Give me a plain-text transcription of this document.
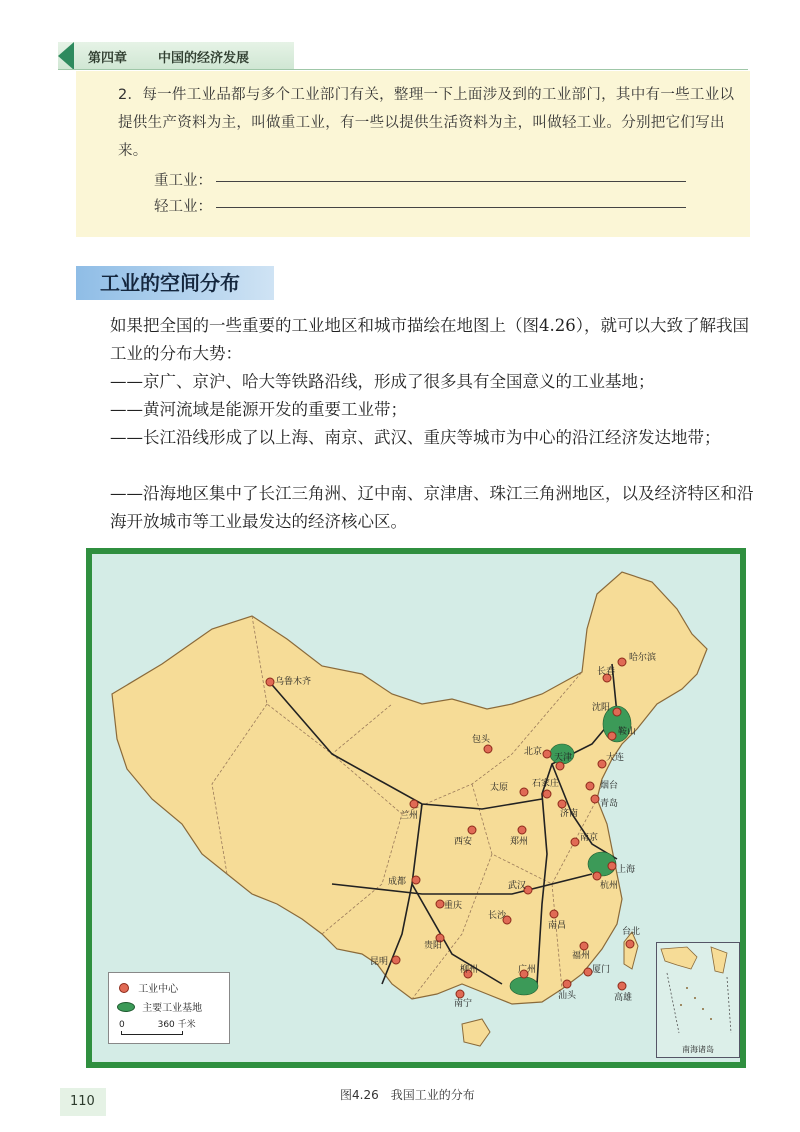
第四章 中国的经济发展
2．每一件工业品都与多个工业部门有关，整理一下上面涉及到的工业部门，其中有一些工业以提供生产资料为主，叫做重工业，有一些以提供生活资料为主，叫做轻工业。分别把它们写出来。
重工业：
轻工业：
工业的空间分布
如果把全国的一些重要的工业地区和城市描绘在地图上（图4.26），就可以大致了解我国工业的分布大势：
——京广、京沪、哈大等铁路沿线，形成了很多具有全国意义的工业基地；
——黄河流域是能源开发的重要工业带；
——长江沿线形成了以上海、南京、武汉、重庆等城市为中心的沿江经济发达地带；
——沿海地区集中了长江三角洲、辽中南、京津唐、珠江三角洲地区，以及经济特区和沿海开放城市等工业最发达的经济核心区。
乌鲁木齐
哈尔滨
长春
沈阳
鞍山
大连
包头
北京
天津
太原	石家庄	烟台
青岛
济南
兰州
西安	郑州	南京
上海
杭州
成都
重庆
武汉
长沙
南昌
贵阳
福州
台北
昆明
柳州	广州	厦门
汕头	高雄
南宁
工业中心
主要工业基地
0	360 千米
南海诸岛
图4.26　我国工业的分布
110
